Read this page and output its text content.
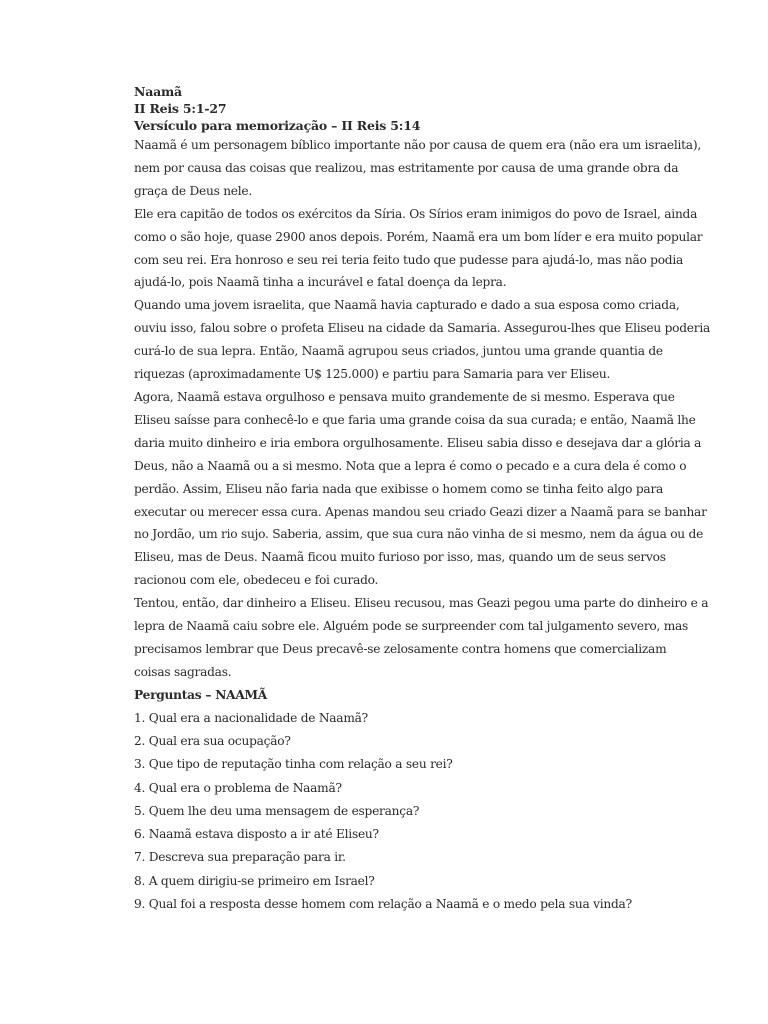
Naamã
II Reis 5:1-27
Versículo para memorização – II Reis 5:14
Naamã é um personagem bíblico importante não por causa de quem era (não era um israelita),
nem por causa das coisas que realizou, mas estritamente por causa de uma grande obra da
graça de Deus nele.
Ele era capitão de todos os exércitos da Síria. Os Sírios eram inimigos do povo de Israel, ainda
como o são hoje, quase 2900 anos depois. Porém, Naamã era um bom líder e era muito popular
com seu rei. Era honroso e seu rei teria feito tudo que pudesse para ajudá-lo, mas não podia
ajudá-lo, pois Naamã tinha a incurável e fatal doença da lepra.
Quando uma jovem israelita, que Naamã havia capturado e dado a sua esposa como criada,
ouviu isso, falou sobre o profeta Eliseu na cidade da Samaria. Assegurou-lhes que Eliseu poderia
curá-lo de sua lepra. Então, Naamã agrupou seus criados, juntou uma grande quantia de
riquezas (aproximadamente U$ 125.000) e partiu para Samaria para ver Eliseu.
Agora, Naamã estava orgulhoso e pensava muito grandemente de si mesmo. Esperava que
Eliseu saísse para conhecê-lo e que faria uma grande coisa da sua curada; e então, Naamã lhe
daria muito dinheiro e iria embora orgulhosamente. Eliseu sabia disso e desejava dar a glória a
Deus, não a Naamã ou a si mesmo. Nota que a lepra é como o pecado e a cura dela é como o
perdão. Assim, Eliseu não faria nada que exibisse o homem como se tinha feito algo para
executar ou merecer essa cura. Apenas mandou seu criado Geazi dizer a Naamã para se banhar
no Jordão, um rio sujo. Saberia, assim, que sua cura não vinha de si mesmo, nem da água ou de
Eliseu, mas de Deus. Naamã ficou muito furioso por isso, mas, quando um de seus servos
racionou com ele, obedeceu e foi curado.
Tentou, então, dar dinheiro a Eliseu. Eliseu recusou, mas Geazi pegou uma parte do dinheiro e a
lepra de Naamã caiu sobre ele. Alguém pode se surpreender com tal julgamento severo, mas
precisamos lembrar que Deus precavê-se zelosamente contra homens que comercializam
coisas sagradas.
Perguntas – NAAMÃ
1. Qual era a nacionalidade de Naamã?
2. Qual era sua ocupação?
3. Que tipo de reputação tinha com relação a seu rei?
4. Qual era o problema de Naamã?
5. Quem lhe deu uma mensagem de esperança?
6. Naamã estava disposto a ir até Eliseu?
7. Descreva sua preparação para ir.
8. A quem dirigiu-se primeiro em Israel?
9. Qual foi a resposta desse homem com relação a Naamã e o medo pela sua vinda?
